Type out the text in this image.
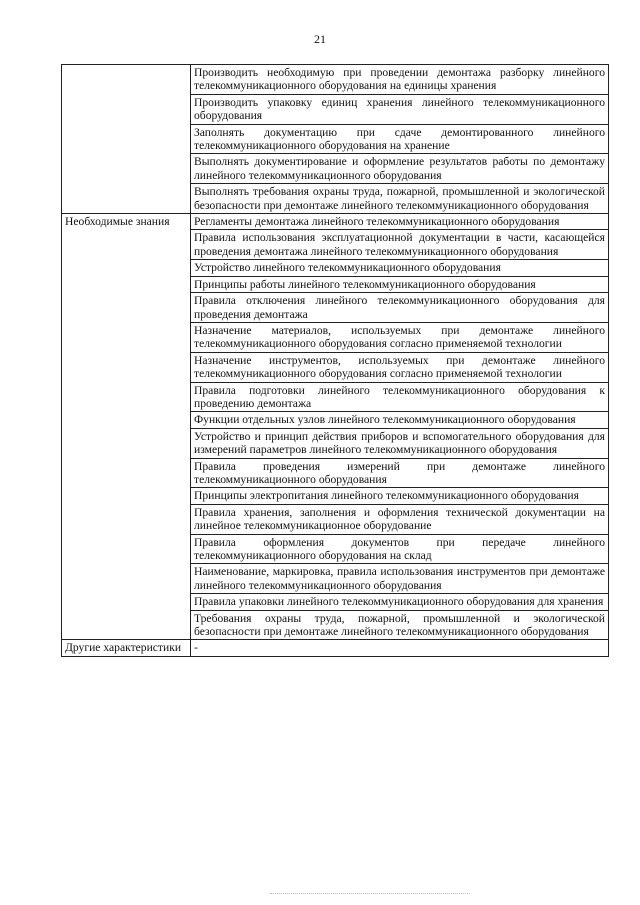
21
	Производить необходимую при проведении демонтажа разборку линейного телекоммуникационного оборудования на единицы хранения
	Производить упаковку единиц хранения линейного телекоммуникационного оборудования
	Заполнять документацию при сдаче демонтированного линейного телекоммуникационного оборудования на хранение
	Выполнять документирование и оформление результатов работы по демонтажу линейного телекоммуникационного оборудования
	Выполнять требования охраны труда, пожарной, промышленной и экологической безопасности при демонтаже линейного телекоммуникационного оборудования
Необходимые знания	Регламенты демонтажа линейного телекоммуникационного оборудования
	Правила использования эксплуатационной документации в части, касающейся проведения демонтажа линейного телекоммуникационного оборудования
	Устройство линейного телекоммуникационного оборудования
	Принципы работы линейного телекоммуникационного оборудования
	Правила отключения линейного телекоммуникационного оборудования для проведения демонтажа
	Назначение материалов, используемых при демонтаже линейного телекоммуникационного оборудования согласно применяемой технологии
	Назначение инструментов, используемых при демонтаже линейного телекоммуникационного оборудования согласно применяемой технологии
	Правила подготовки линейного телекоммуникационного оборудования к проведению демонтажа
	Функции отдельных узлов линейного телекоммуникационного оборудования
	Устройство и принцип действия приборов и вспомогательного оборудования для измерений параметров линейного телекоммуникационного оборудования
	Правила проведения измерений при демонтаже линейного телекоммуникационного оборудования
	Принципы электропитания линейного телекоммуникационного оборудования
	Правила хранения, заполнения и оформления технической документации на линейное телекоммуникационное оборудование
	Правила оформления документов при передаче линейного телекоммуникационного оборудования на склад
	Наименование, маркировка, правила использования инструментов при демонтаже линейного телекоммуникационного оборудования
	Правила упаковки линейного телекоммуникационного оборудования для хранения
	Требования охраны труда, пожарной, промышленной и экологической безопасности при демонтаже линейного телекоммуникационного оборудования
Другие характеристики	-
